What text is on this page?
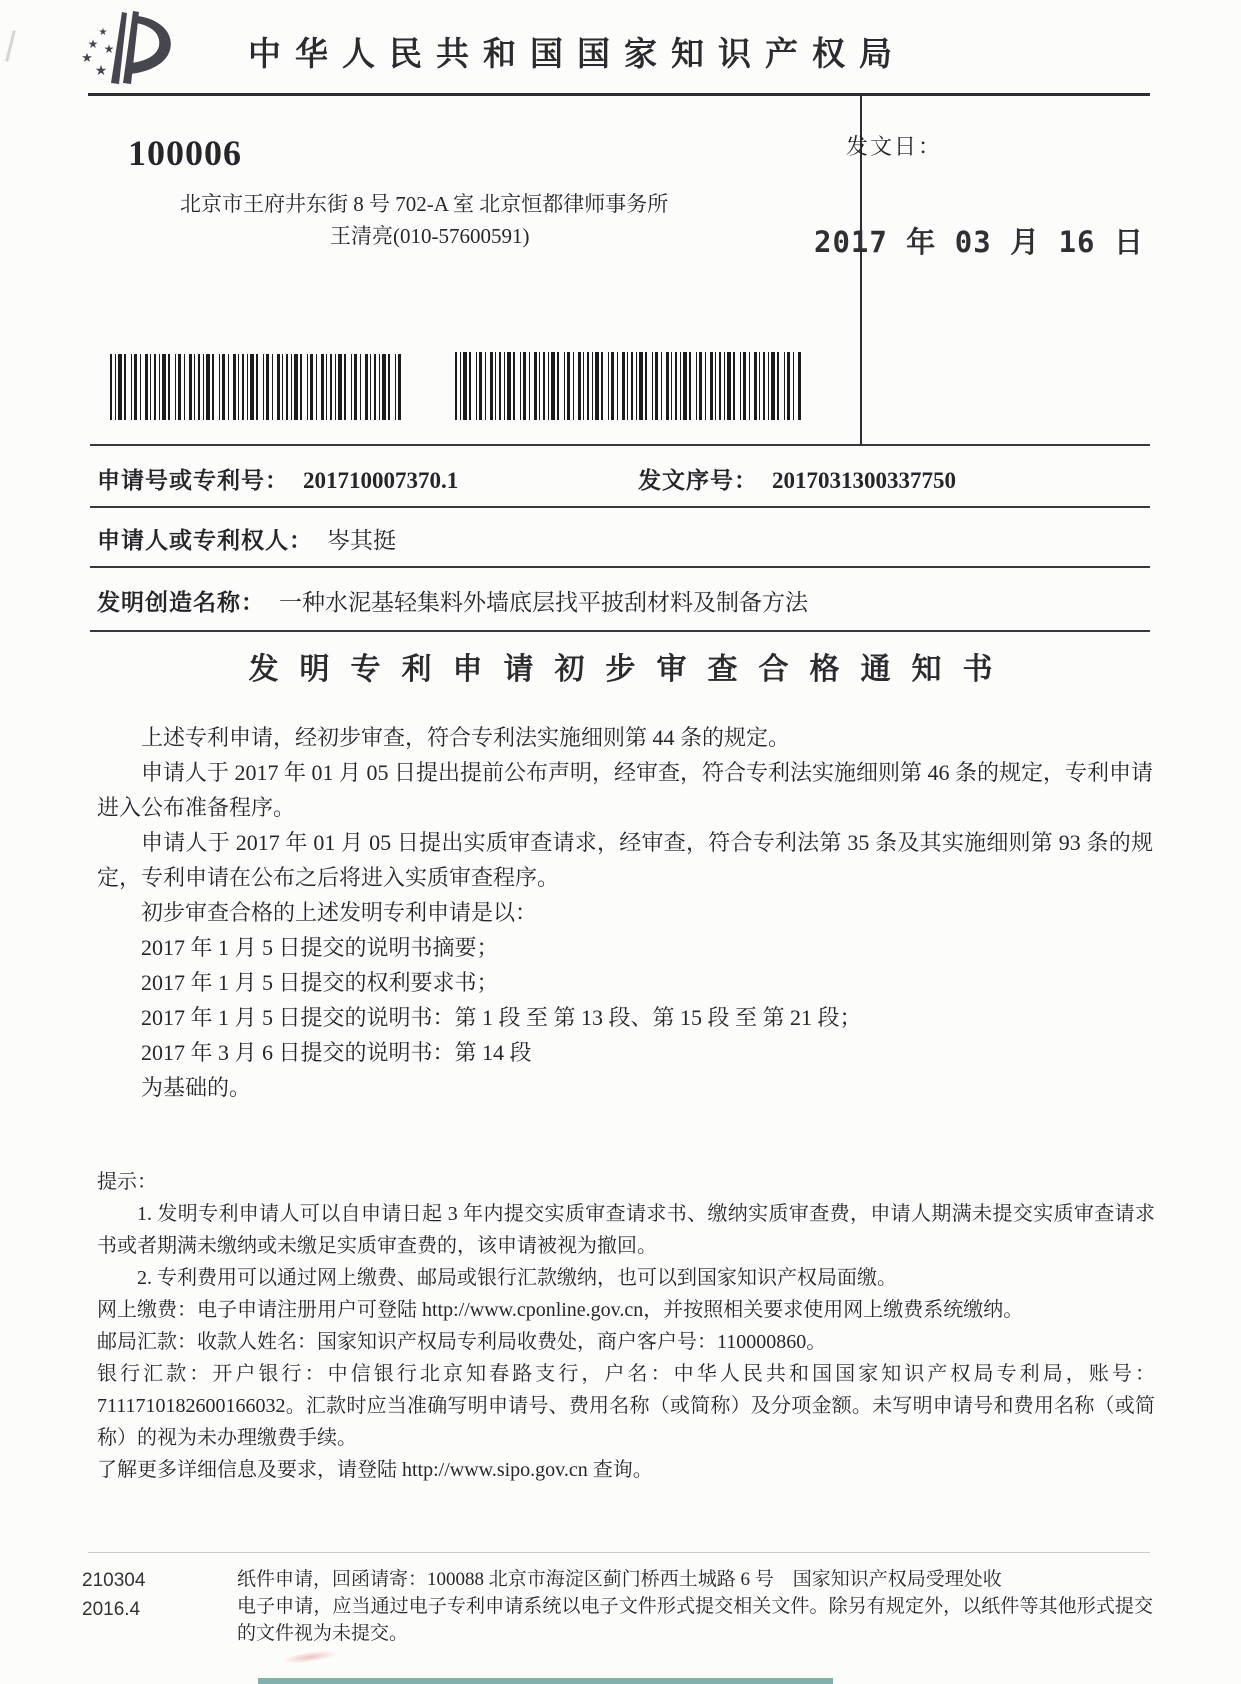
★
★ ★
★
★	中华人民共和国国家知识产权局
100006
北京市王府井东街 8 号 702-A 室 北京恒都律师事务所
王清亮(010-57600591)
发文日：
2017 年 03 月 16 日
申请号或专利号： 201710007370.1	发文序号： 2017031300337750
申请人或专利权人： 岑其挺
发明创造名称： 一种水泥基轻集料外墙底层找平披刮材料及制备方法
发明专利申请初步审查合格通知书

上述专利申请，经初步审查，符合专利法实施细则第 44 条的规定。

申请人于 2017 年 01 月 05 日提出提前公布声明，经审查，符合专利法实施细则第 46 条的规定，专利申请进入公布准备程序。

申请人于 2017 年 01 月 05 日提出实质审查请求，经审查，符合专利法第 35 条及其实施细则第 93 条的规定，专利申请在公布之后将进入实质审查程序。

初步审查合格的上述发明专利申请是以：

2017 年 1 月 5 日提交的说明书摘要；

2017 年 1 月 5 日提交的权利要求书；

2017 年 1 月 5 日提交的说明书：第 1 段 至 第 13 段、第 15 段 至 第 21 段；

2017 年 3 月 6 日提交的说明书：第 14 段

为基础的。

提示：

1. 发明专利申请人可以自申请日起 3 年内提交实质审查请求书、缴纳实质审查费，申请人期满未提交实质审查请求书或者期满未缴纳或未缴足实质审查费的，该申请被视为撤回。

2. 专利费用可以通过网上缴费、邮局或银行汇款缴纳，也可以到国家知识产权局面缴。

网上缴费：电子申请注册用户可登陆 http://www.cponline.gov.cn，并按照相关要求使用网上缴费系统缴纳。

邮局汇款：收款人姓名：国家知识产权局专利局收费处，商户客户号：110000860。

银行汇款：开户银行：中信银行北京知春路支行，户名：中华人民共和国国家知识产权局专利局，账号： 7111710182600166032。汇款时应当准确写明申请号、费用名称（或简称）及分项金额。未写明申请号和费用名称（或简称）的视为未办理缴费手续。

了解更多详细信息及要求，请登陆 http://www.sipo.gov.cn 查询。

210304
2016.4

纸件申请，回函请寄：100088 北京市海淀区蓟门桥西土城路 6 号　国家知识产权局受理处收

电子申请，应当通过电子专利申请系统以电子文件形式提交相关文件。除另有规定外，以纸件等其他形式提交的文件视为未提交。
